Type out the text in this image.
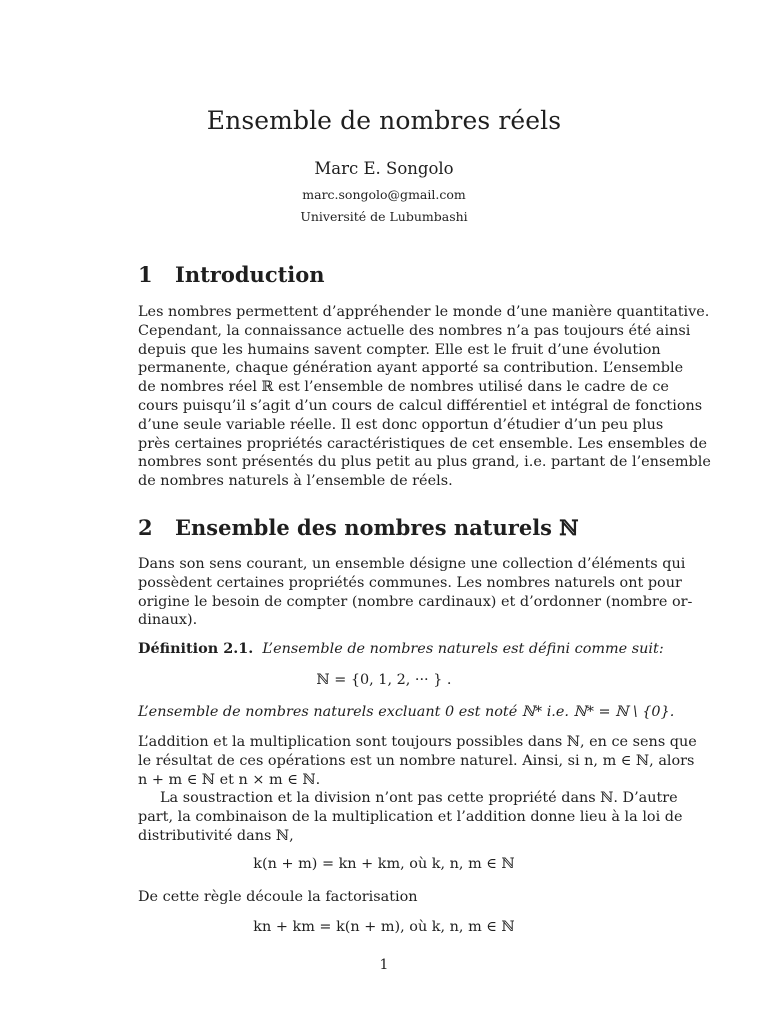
Ensemble de nombres réels
Marc E. Songolo
marc.songolo@gmail.com
Université de Lubumbashi
1 Introduction
Les nombres permettent d’appréhender le monde d’une manière quantitative.
Cependant, la connaissance actuelle des nombres n’a pas toujours été ainsi
depuis que les humains savent compter. Elle est le fruit d’une évolution
permanente, chaque génération ayant apporté sa contribution. L’ensemble
de nombres réel ℝ est l’ensemble de nombres utilisé dans le cadre de ce
cours puisqu’il s’agit d’un cours de calcul différentiel et intégral de fonctions
d’une seule variable réelle. Il est donc opportun d’étudier d’un peu plus
près certaines propriétés caractéristiques de cet ensemble. Les ensembles de
nombres sont présentés du plus petit au plus grand, i.e. partant de l’ensemble
de nombres naturels à l’ensemble de réels.
2 Ensemble des nombres naturels ℕ
Dans son sens courant, un ensemble désigne une collection d’éléments qui
possèdent certaines propriétés communes. Les nombres naturels ont pour
origine le besoin de compter (nombre cardinaux) et d’ordonner (nombre or-
dinaux).
Définition 2.1. L’ensemble de nombres naturels est défini comme suit:
ℕ = {0, 1, 2, ··· } .
L’ensemble de nombres naturels excluant 0 est noté ℕ* i.e. ℕ* = ℕ \ {0}.
L’addition et la multiplication sont toujours possibles dans ℕ, en ce sens que
le résultat de ces opérations est un nombre naturel. Ainsi, si n, m ∈ ℕ, alors
n + m ∈ ℕ et n × m ∈ ℕ.
La soustraction et la division n’ont pas cette propriété dans ℕ. D’autre
part, la combinaison de la multiplication et l’addition donne lieu à la loi de
distributivité dans ℕ,
k(n + m) = kn + km, où k, n, m ∈ ℕ
De cette règle découle la factorisation
kn + km = k(n + m), où k, n, m ∈ ℕ
1
